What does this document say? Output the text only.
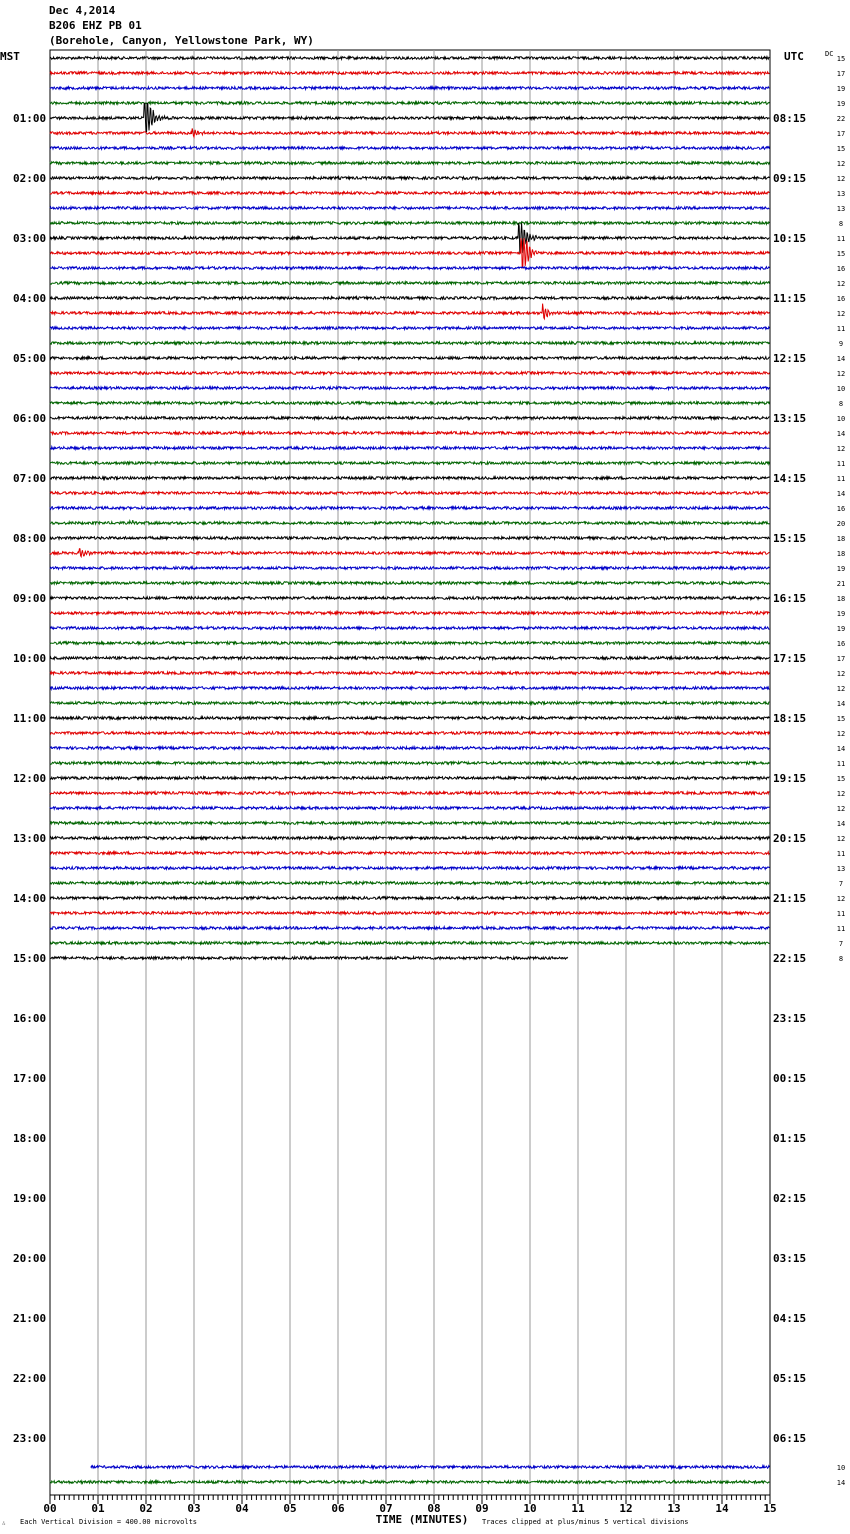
Dec 4,2014
B206 EHZ PB 01
(Borehole, Canyon, Yellowstone Park, WY)
00	01	02	03	04	05	06	07	08	09	10	11	12	13	14	15
MST	UTC	DC
01:00
02:00
03:00
04:00
05:00
06:00
07:00
08:00
09:00
10:00
11:00
12:00
13:00
14:00
15:00
16:00
17:00
18:00
19:00
20:00
21:00
22:00
23:00
08:15
09:15
10:15
11:15
12:15
13:15
14:15
15:15
16:15
17:15
18:15
19:15
20:15
21:15
22:15
23:15
00:15
01:15
02:15
03:15
04:15
05:15
06:15
Each Vertical Division = 400.00 microvolts	TIME (MINUTES) Traces clipped at plus/minus 5 vertical divisions
15
17
19
19
22
17
15
12
12
13
13
8
11
15
16
12
16
12
11
9
14
12
10
8
10
14
12
11
11
14
16
20
18
18
19
21
18
19
19
16
17
12
12
14
15
12
14
11
15
12
12
14
12
11
13
7
12
11
11
7
8
10
14
∴
